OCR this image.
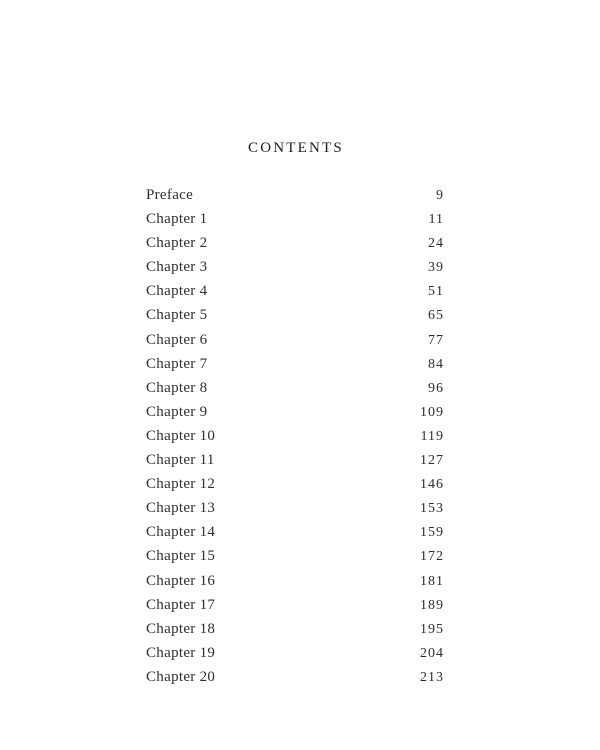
CONTENTS
Preface	9
Chapter 1	11
Chapter 2	24
Chapter 3	39
Chapter 4	51
Chapter 5	65
Chapter 6	77
Chapter 7	84
Chapter 8	96
Chapter 9	109
Chapter 10	119
Chapter 11	127
Chapter 12	146
Chapter 13	153
Chapter 14	159
Chapter 15	172
Chapter 16	181
Chapter 17	189
Chapter 18	195
Chapter 19	204
Chapter 20	213
